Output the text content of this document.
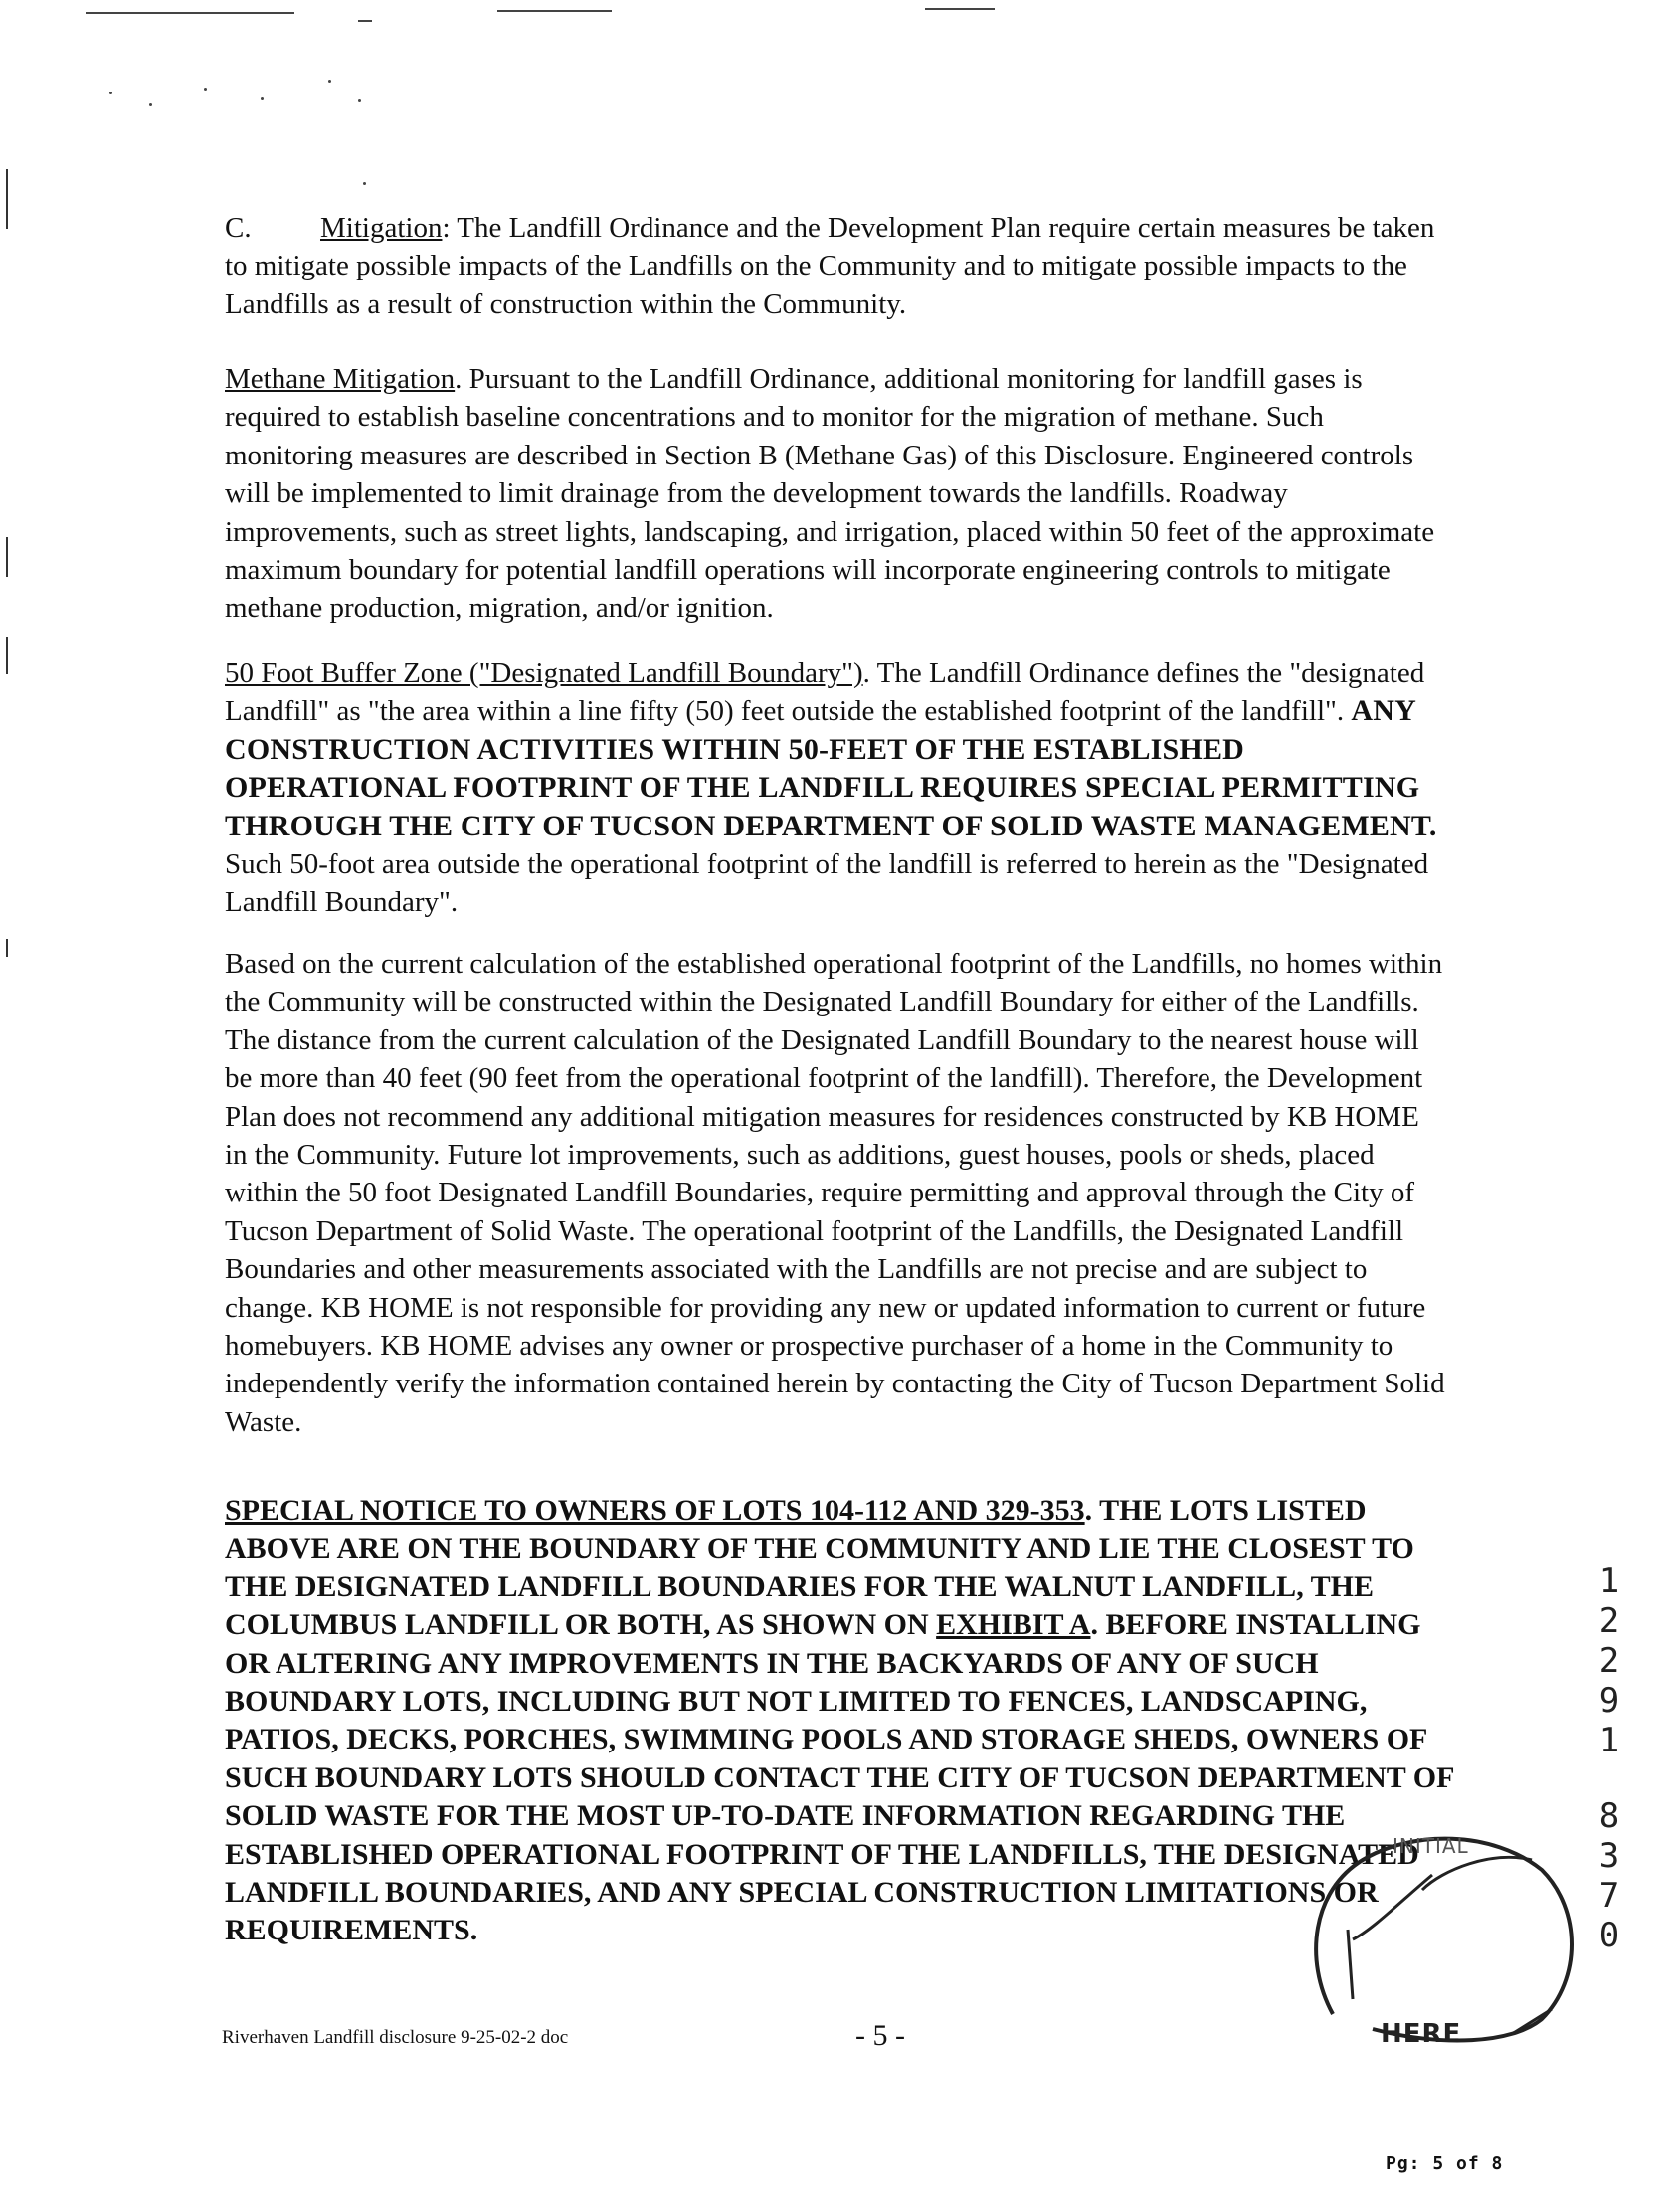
C. Mitigation: The Landfill Ordinance and the Development Plan require certain measures be taken to mitigate possible impacts of the Landfills on the Community and to mitigate possible impacts to the Landfills as a result of construction within the Community.

Methane Mitigation. Pursuant to the Landfill Ordinance, additional monitoring for landfill gases is required to establish baseline concentrations and to monitor for the migration of methane. Such monitoring measures are described in Section B (Methane Gas) of this Disclosure. Engineered controls will be implemented to limit drainage from the development towards the landfills. Roadway improvements, such as street lights, landscaping, and irrigation, placed within 50 feet of the approximate maximum boundary for potential landfill operations will incorporate engineering controls to mitigate methane production, migration, and/or ignition.

50 Foot Buffer Zone ("Designated Landfill Boundary"). The Landfill Ordinance defines the "designated Landfill" as "the area within a line fifty (50) feet outside the established footprint of the landfill". ANY CONSTRUCTION ACTIVITIES WITHIN 50-FEET OF THE ESTABLISHED OPERATIONAL FOOTPRINT OF THE LANDFILL REQUIRES SPECIAL PERMITTING THROUGH THE CITY OF TUCSON DEPARTMENT OF SOLID WASTE MANAGEMENT. Such 50-foot area outside the operational footprint of the landfill is referred to herein as the "Designated Landfill Boundary".

Based on the current calculation of the established operational footprint of the Landfills, no homes within the Community will be constructed within the Designated Landfill Boundary for either of the Landfills. The distance from the current calculation of the Designated Landfill Boundary to the nearest house will be more than 40 feet (90 feet from the operational footprint of the landfill). Therefore, the Development Plan does not recommend any additional mitigation measures for residences constructed by KB HOME in the Community. Future lot improvements, such as additions, guest houses, pools or sheds, placed within the 50 foot Designated Landfill Boundaries, require permitting and approval through the City of Tucson Department of Solid Waste. The operational footprint of the Landfills, the Designated Landfill Boundaries and other measurements associated with the Landfills are not precise and are subject to change. KB HOME is not responsible for providing any new or updated information to current or future homebuyers. KB HOME advises any owner or prospective purchaser of a home in the Community to independently verify the information contained herein by contacting the City of Tucson Department Solid Waste.

SPECIAL NOTICE TO OWNERS OF LOTS 104-112 AND 329-353. THE LOTS LISTED ABOVE ARE ON THE BOUNDARY OF THE COMMUNITY AND LIE THE CLOSEST TO THE DESIGNATED LANDFILL BOUNDARIES FOR THE WALNUT LANDFILL, THE COLUMBUS LANDFILL OR BOTH, AS SHOWN ON EXHIBIT A. BEFORE INSTALLING OR ALTERING ANY IMPROVEMENTS IN THE BACKYARDS OF ANY OF SUCH BOUNDARY LOTS, INCLUDING BUT NOT LIMITED TO FENCES, LANDSCAPING, PATIOS, DECKS, PORCHES, SWIMMING POOLS AND STORAGE SHEDS, OWNERS OF SUCH BOUNDARY LOTS SHOULD CONTACT THE CITY OF TUCSON DEPARTMENT OF SOLID WASTE FOR THE MOST UP-TO-DATE INFORMATION REGARDING THE ESTABLISHED OPERATIONAL FOOTPRINT OF THE LANDFILLS, THE DESIGNATED LANDFILL BOUNDARIES, AND ANY SPECIAL CONSTRUCTION LIMITATIONS OR REQUIREMENTS.

1
2
2
9
1
8
3
7
0
INITIAL
HERE
Riverhaven Landfill disclosure 9-25-02-2 doc	- 5 -
Pg: 5 of 8
